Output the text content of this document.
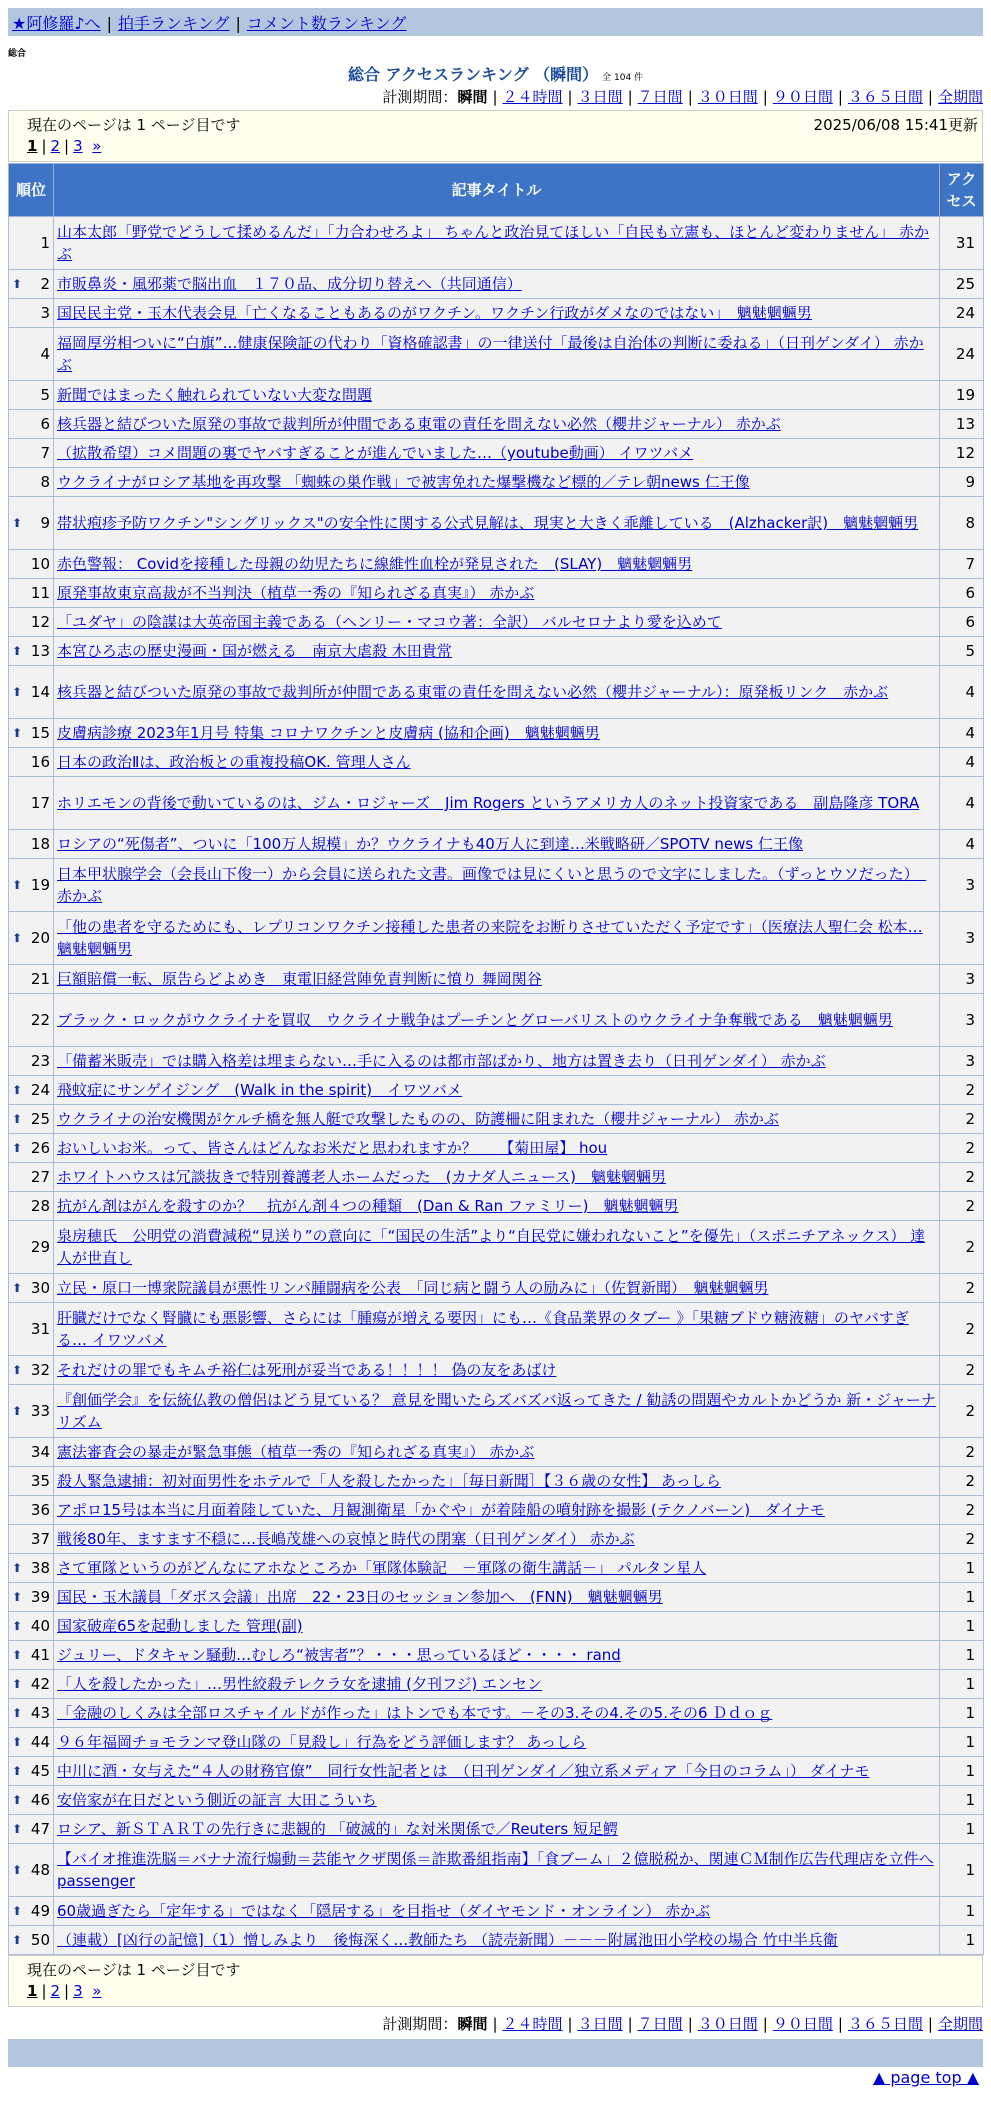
★阿修羅♪へ | 拍手ランキング | コメント数ランキング
総合
総合 アクセスランキング （瞬間） 全 104 件
計測期間：瞬間 | ２４時間 | ３日間 | ７日間 | ３０日間 | ９０日間 | ３６５日間 | 全期間
現在のページは 1 ページ目です	2025/06/08 15:41更新
1 | 2 | 3 »
順位	記事タイトル	アクセス
1	山本太郎「野党でどうして揉めるんだ」「力合わせろよ」 ちゃんと政治見てほしい「自民も立憲も、ほとんど変わりません」 赤かぶ	31

⬆ 2	市販鼻炎・風邪薬で脳出血　１７０品、成分切り替えへ（共同通信）	25
3	国民民主党・玉木代表会見「亡くなることもあるのがワクチン。ワクチン行政がダメなのではない」　魑魅魍魎男	24
4	福岡厚労相ついに“白旗”…健康保険証の代わり「資格確認書」の一律送付「最後は自治体の判断に委ねる」（日刊ゲンダイ） 赤かぶ	24
5	新聞ではまったく触れられていない大変な問題	19
6	核兵器と結びついた原発の事故で裁判所が仲間である東電の責任を問えない必然（櫻井ジャーナル） 赤かぶ	13
7	（拡散希望）コメ問題の裏でヤバすぎることが進んでいました…（youtube動画） イワツバメ	12
8	ウクライナがロシア基地を再攻撃 「蜘蛛の巣作戦」で被害免れた爆撃機など標的／テレ朝news 仁王像	9

⬆ 9	帯状疱疹予防ワクチン"シングリックス"の安全性に関する公式見解は、現実と大きく乖離している　(Alzhacker訳)　魑魅魍魎男	8
10	赤色警報： Covidを接種した母親の幼児たちに線維性血栓が発見された　(SLAY)　魑魅魍魎男	7
11	原発事故東京高裁が不当判決（植草一秀の『知られざる真実』） 赤かぶ	6
12	「ユダヤ」の陰謀は大英帝国主義である（ヘンリー・マコウ著：全訳） バルセロナより愛を込めて	6

⬆ 13	本宮ひろ志の歴史漫画・国が燃える　南京大虐殺 木田貴常	5

⬆ 14	核兵器と結びついた原発の事故で裁判所が仲間である東電の責任を問えない必然（櫻井ジャーナル）：原発板リンク　赤かぶ	4

⬆ 15	皮膚病診療 2023年1月号 特集 コロナワクチンと皮膚病 (協和企画)　魑魅魍魎男	4
16	日本の政治Ⅱは、政治板との重複投稿OK. 管理人さん	4
17	ホリエモンの背後で動いているのは、ジム・ロジャーズ　Jim Rogers というアメリカ人のネット投資家である　副島隆彦 TORA	4
18	ロシアの“死傷者”、ついに「100万人規模」か？ウクライナも40万人に到達…米戦略研／SPOTV news 仁王像	4

⬆ 19	日本甲状腺学会（会長山下俊一）から会員に送られた文書。画像では見にくいと思うので文字にしました。（ずっとウソだった）　赤かぶ	3

⬆ 20	「他の患者を守るためにも、レプリコンワクチン接種した患者の来院をお断りさせていただく予定です」（医療法人聖仁会 松本… 魑魅魍魎男	3
21	巨額賠償一転、原告らどよめき　東電旧経営陣免責判断に憤り 舞岡関谷	3
22	ブラック・ロックがウクライナを買収　ウクライナ戦争はプーチンとグローバリストのウクライナ争奪戦である　魑魅魍魎男	3
23	「備蓄米販売」では購入格差は埋まらない…手に入るのは都市部ばかり、地方は置き去り（日刊ゲンダイ） 赤かぶ	3

⬆ 24	飛蚊症にサンゲイジング　(Walk in the spirit)　イワツバメ	2

⬆ 25	ウクライナの治安機関がケルチ橋を無人艇で攻撃したものの、防護柵に阻まれた（櫻井ジャーナル） 赤かぶ	2

⬆ 26	おいしいお米。って、皆さんはどんなお米だと思われますか？　　【菊田屋】 hou	2
27	ホワイトハウスは冗談抜きで特別養護老人ホームだった　(カナダ人ニュース)　魑魅魍魎男	2
28	抗がん剤はがんを殺すのか？　抗がん剤４つの種類　(Dan & Ran ファミリー)　魑魅魍魎男	2
29	泉房穂氏　公明党の消費減税“見送り”の意向に「“国民の生活”より“自民党に嫌われないこと”を優先」（スポニチアネックス） 達人が世直し	2

⬆ 30	立民・原口一博衆院議員が悪性リンパ腫闘病を公表　「同じ病と闘う人の励みに」（佐賀新聞）　魑魅魍魎男	2
31	肝臓だけでなく腎臓にも悪影響、さらには「腫瘍が増える要因」にも…《食品業界のタブー 》「果糖ブドウ糖液糖」のヤバすぎる… イワツバメ	2

⬆ 32	それだけの罪でもキムチ裕仁は死刑が妥当である！！！！ 偽の友をあばけ	2

⬆ 33	『創価学会』を伝統仏教の僧侶はどう見ている？ 意見を聞いたらズバズバ返ってきた / 勧誘の問題やカルトかどうか 新・ジャーナリズム	2
34	憲法審査会の暴走が緊急事態（植草一秀の『知られざる真実』） 赤かぶ	2
35	殺人緊急逮捕：初対面男性をホテルで「人を殺したかった」［毎日新聞］【３６歳の女性】 あっしら	2
36	アポロ15号は本当に月面着陸していた、月観測衛星「かぐや」が着陸船の噴射跡を撮影 (テクノバーン)　ダイナモ	2
37	戦後80年、ますます不穏に…長嶋茂雄への哀悼と時代の閉塞（日刊ゲンダイ） 赤かぶ	2

⬆ 38	さて軍隊というのがどんなにアホなところか「軍隊体験記　－軍隊の衛生講話－」 パルタン星人	1

⬆ 39	国民・玉木議員「ダボス会議」出席　22・23日のセッション参加へ　(FNN)　魑魅魍魎男	1

⬆ 40	国家破産65を起動しました 管理(副)	1

⬆ 41	ジュリー、ドタキャン騒動…むしろ“被害者”？・・・思っているほど・・・・ rand	1

⬆ 42	「人を殺したかった」…男性絞殺テレクラ女を逮捕 (夕刊フジ) エンセン	1

⬆ 43	「金融のしくみは全部ロスチャイルドが作った」はトンでも本です。－その3.その4.その5.その6 Ｄｄｏｇ	1

⬆ 44	９６年福岡チョモランマ登山隊の「見殺し」行為をどう評価します？ あっしら	1

⬆ 45	中川に酒・女与えた“４人の財務官僚”　同行女性記者とは　（日刊ゲンダイ／独立系メディア「今日のコラム」） ダイナモ	1

⬆ 46	安倍家が在日だという側近の証言 大田こういち	1

⬆ 47	ロシア、新ＳＴＡＲＴの先行きに悲観的 「破滅的」な対米関係で／Reuters 短足鰐	1

⬆ 48	【バイオ推進洗脳＝バナナ流行煽動＝芸能ヤクザ関係＝詐欺番組指南】「食ブーム」２億脱税か、関連ＣＭ制作広告代理店を立件へ passenger	1

⬆ 49	60歳過ぎたら「定年する」ではなく「隠居する」を目指せ（ダイヤモンド・オンライン） 赤かぶ	1

⬆ 50	（連載）[凶行の記憶]（1）憎しみより　後悔深く…教師たち （読売新聞）－－－附属池田小学校の場合 竹中半兵衛	1
現在のページは 1 ページ目です
1 | 2 | 3 »
計測期間：瞬間 | ２４時間 | ３日間 | ７日間 | ３０日間 | ９０日間 | ３６５日間 | 全期間
▲ page top ▲
